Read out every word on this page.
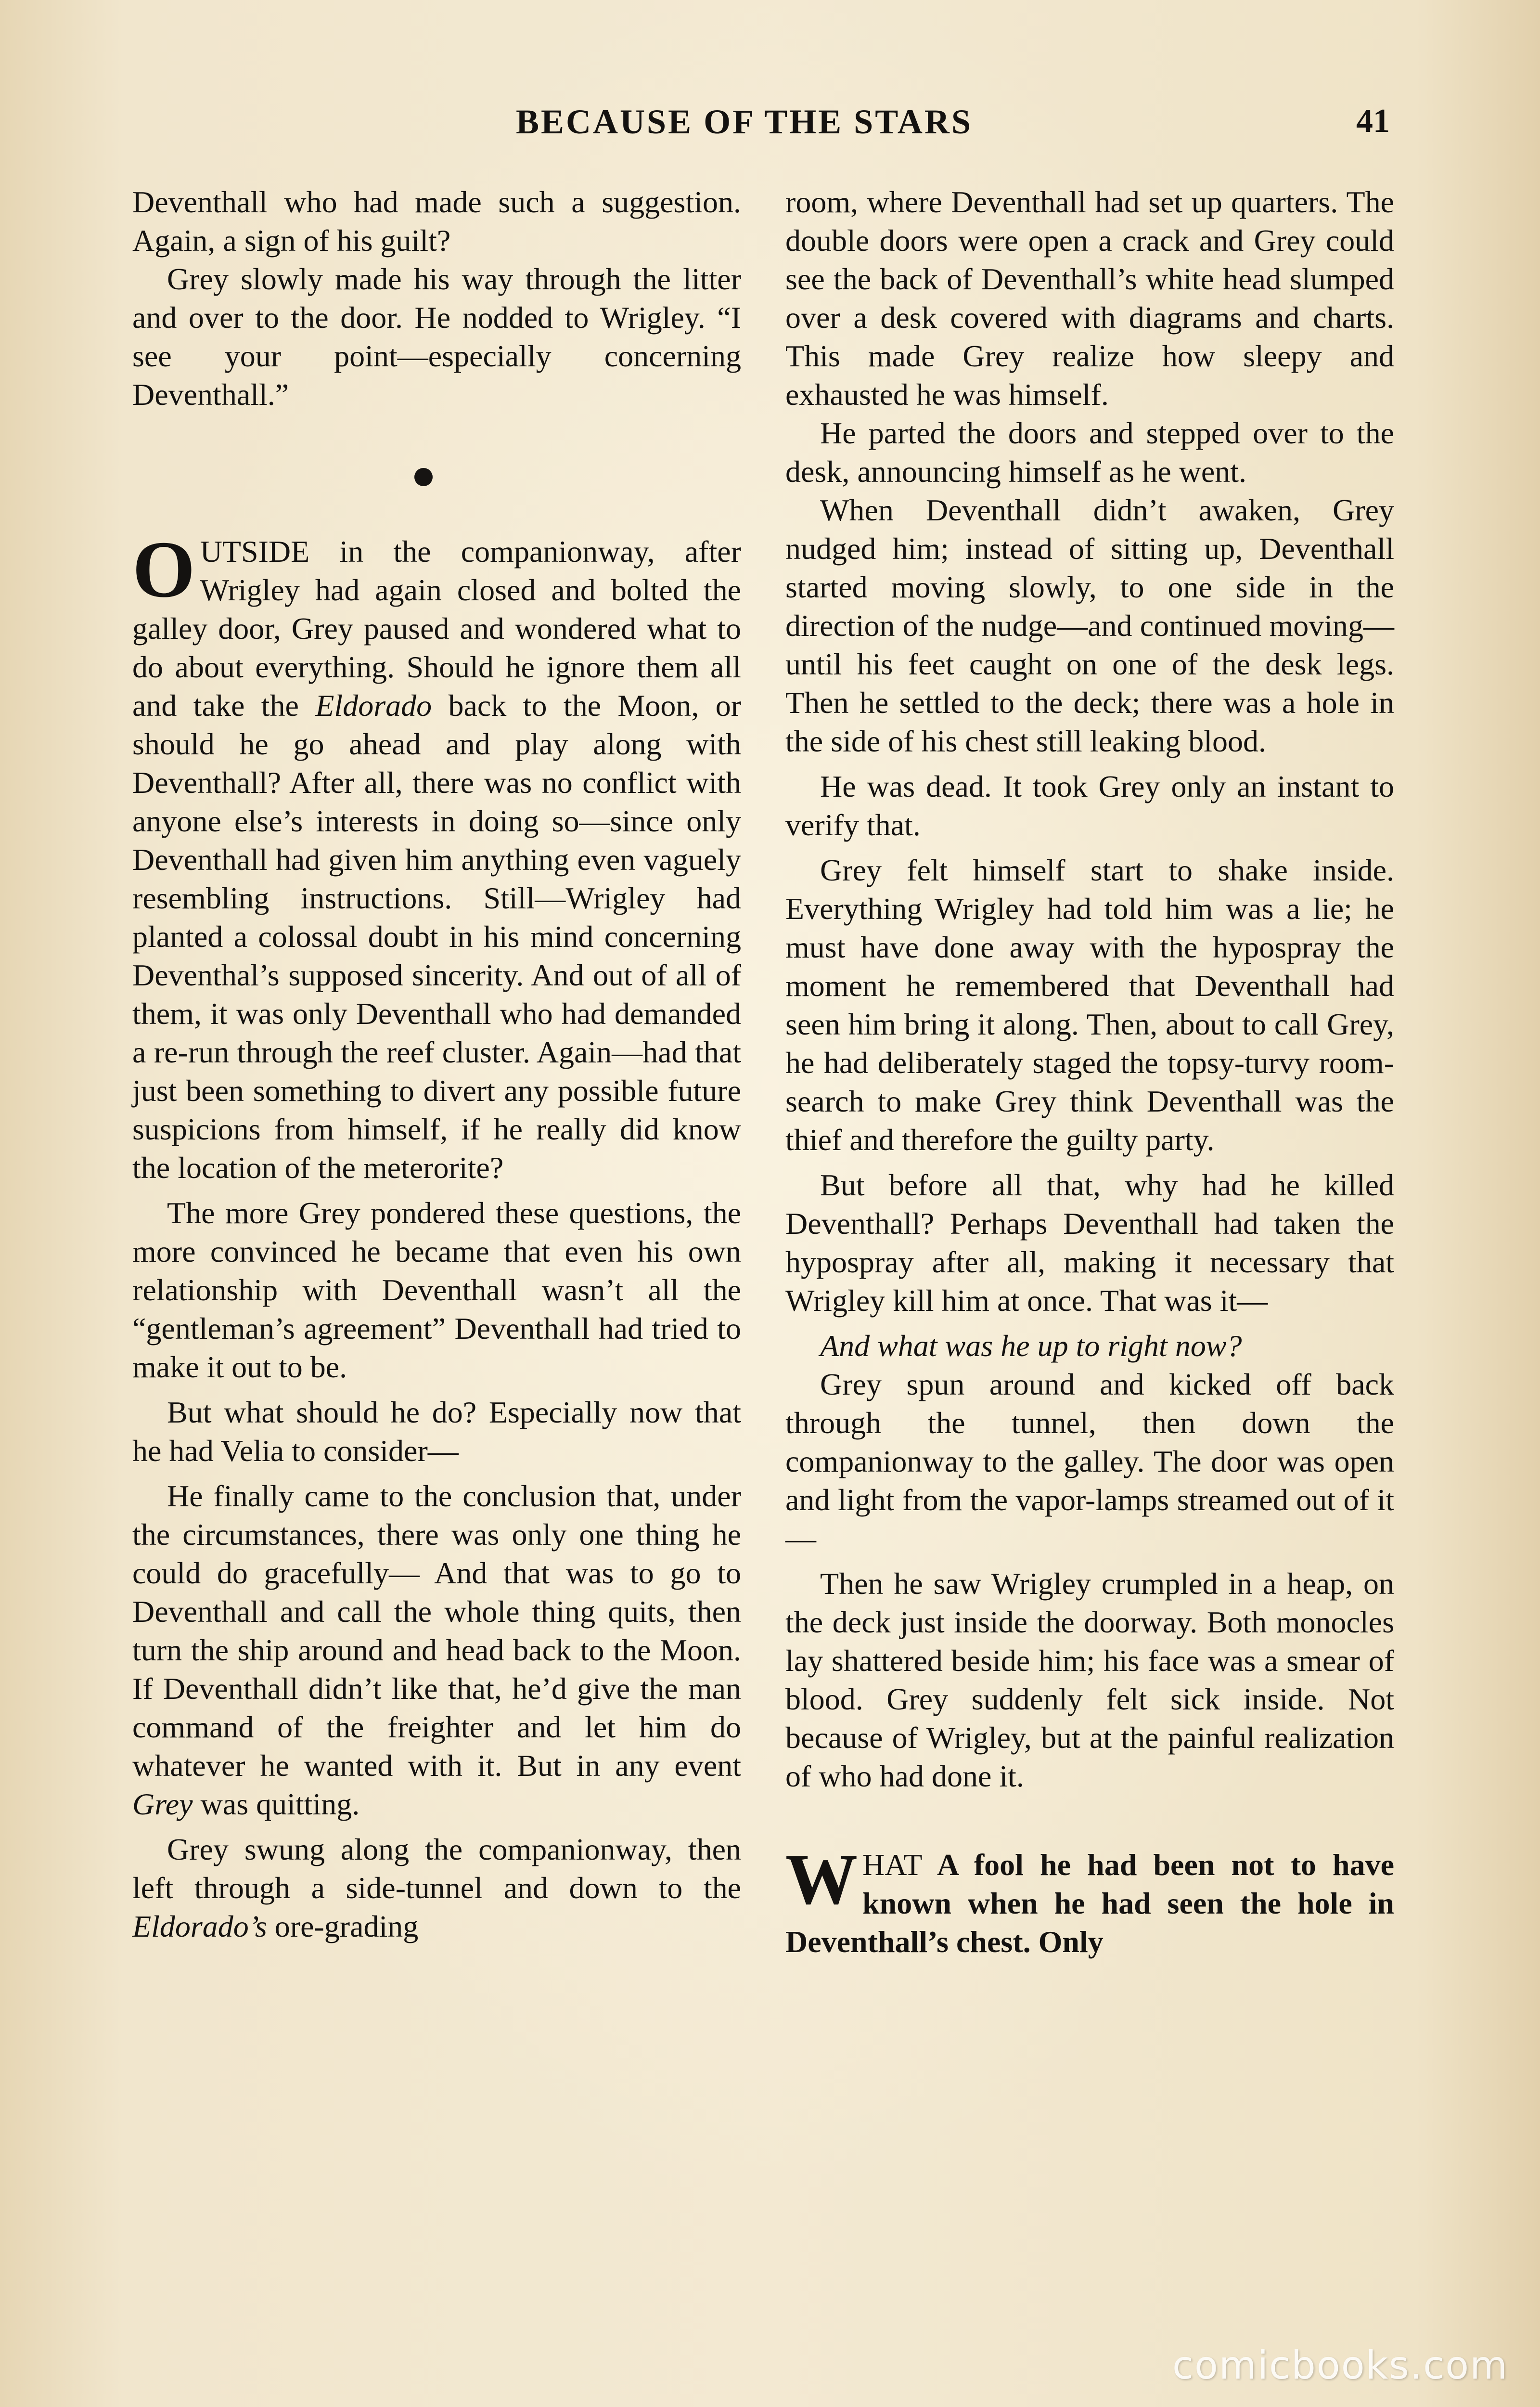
BECAUSE OF THE STARS	41

Deventhall who had made such a suggestion. Again, a sign of his guilt?

Grey slowly made his way through the litter and over to the door. He nodded to Wrigley. “I see your point—especially concerning Deventhall.”

OUTSIDE in the companionway, after Wrigley had again closed and bolted the galley door, Grey paused and wondered what to do about everything. Should he ignore them all and take the Eldorado back to the Moon, or should he go ahead and play along with Deventhall? After all, there was no conflict with anyone else’s interests in doing so—since only Deventhall had given him anything even vaguely resembling instructions. Still—Wrigley had planted a colossal doubt in his mind concerning Deventhal’s supposed sincerity. And out of all of them, it was only Deventhall who had demanded a re-run through the reef cluster. Again—had that just been something to divert any possible future suspicions from himself, if he really did know the location of the meterorite?

The more Grey pondered these questions, the more convinced he became that even his own relationship with Deventhall wasn’t all the “gentleman’s agreement” Deventhall had tried to make it out to be.

But what should he do? Especially now that he had Velia to consider—

He finally came to the conclusion that, under the circumstances, there was only one thing he could do gracefully— And that was to go to Deventhall and call the whole thing quits, then turn the ship around and head back to the Moon. If Deventhall didn’t like that, he’d give the man command of the freighter and let him do whatever he wanted with it. But in any event Grey was quitting.

Grey swung along the companionway, then left through a side-tunnel and down to the Eldorado’s ore-grading

room, where Deventhall had set up quarters. The double doors were open a crack and Grey could see the back of Deventhall’s white head slumped over a desk covered with diagrams and charts. This made Grey realize how sleepy and exhausted he was himself.

He parted the doors and stepped over to the desk, announcing himself as he went.

When Deventhall didn’t awaken, Grey nudged him; instead of sitting up, Deventhall started moving slowly, to one side in the direction of the nudge—and continued moving—until his feet caught on one of the desk legs. Then he settled to the deck; there was a hole in the side of his chest still leaking blood.

He was dead. It took Grey only an instant to verify that.

Grey felt himself start to shake inside. Everything Wrigley had told him was a lie; he must have done away with the hypospray the moment he remembered that Deventhall had seen him bring it along. Then, about to call Grey, he had deliberately staged the topsy-turvy room-search to make Grey think Deventhall was the thief and therefore the guilty party.

But before all that, why had he killed Deventhall? Perhaps Deventhall had taken the hypospray after all, making it necessary that Wrigley kill him at once. That was it—

And what was he up to right now?

Grey spun around and kicked off back through the tunnel, then down the companionway to the galley. The door was open and light from the vapor-lamps streamed out of it—

Then he saw Wrigley crumpled in a heap, on the deck just inside the doorway. Both monocles lay shattered beside him; his face was a smear of blood. Grey suddenly felt sick inside. Not because of Wrigley, but at the painful realization of who had done it.

WHAT A fool he had been not to have known when he had seen the hole in Deventhall’s chest. Only

comicbooks.com
